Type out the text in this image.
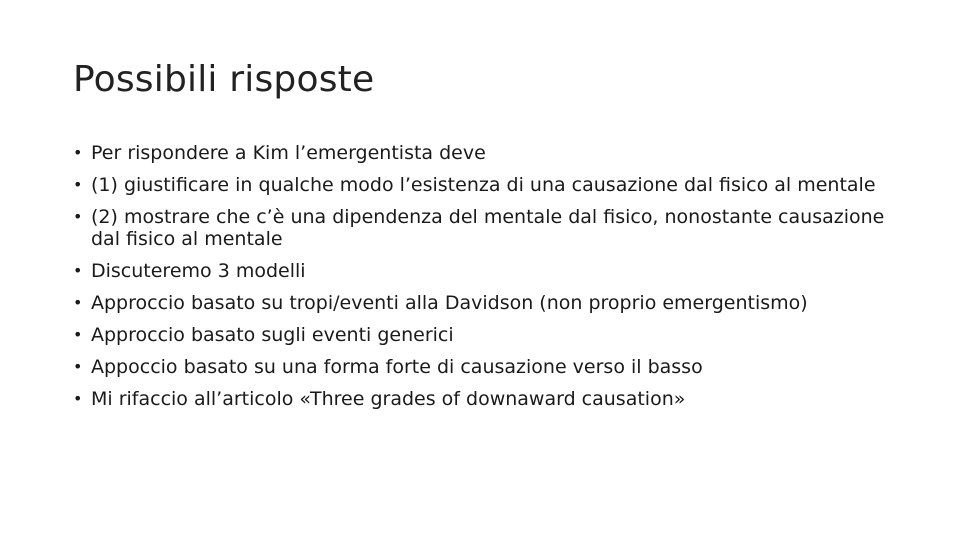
Possibili risposte
• Per rispondere a Kim l’emergentista deve
• (1) giustificare in qualche modo l’esistenza di una causazione dal fisico al mentale
• (2) mostrare che c’è una dipendenza del mentale dal fisico, nonostante causazione dal fisico al mentale
• Discuteremo 3 modelli
• Approccio basato su tropi/eventi alla Davidson (non proprio emergentismo)
• Approccio basato sugli eventi generici
• Appoccio basato su una forma forte di causazione verso il basso
• Mi rifaccio all’articolo «Three grades of downaward causation»
